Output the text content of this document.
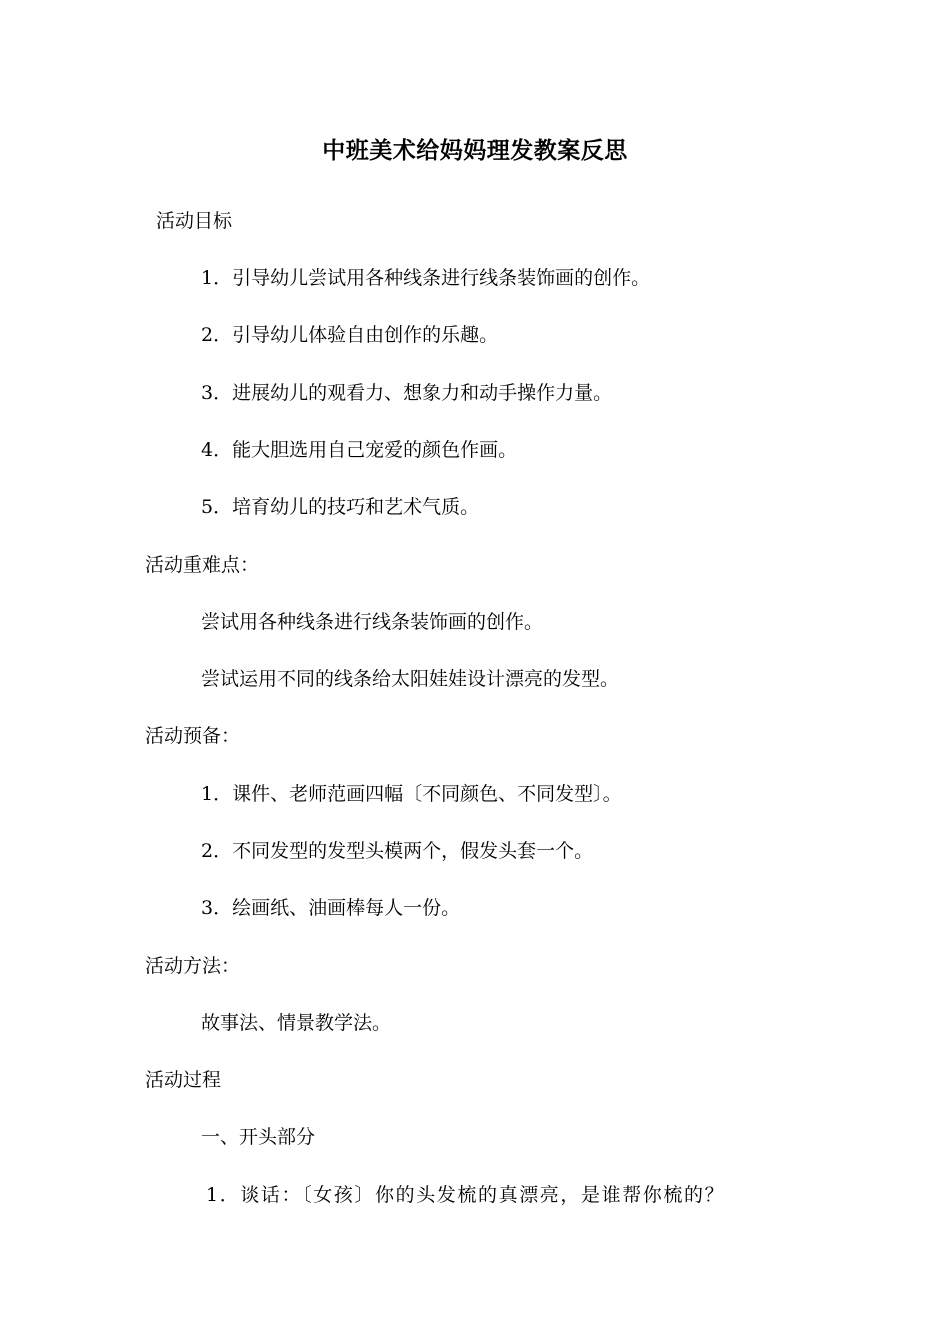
中班美术给妈妈理发教案反思
活动目标
1．引导幼儿尝试用各种线条进行线条装饰画的创作。
2．引导幼儿体验自由创作的乐趣。
3．进展幼儿的观看力、想象力和动手操作力量。
4．能大胆选用自己宠爱的颜色作画。
5．培育幼儿的技巧和艺术气质。
活动重难点：
尝试用各种线条进行线条装饰画的创作。
尝试运用不同的线条给太阳娃娃设计漂亮的发型。
活动预备：
1．课件、老师范画四幅〔不同颜色、不同发型〕。
2．不同发型的发型头模两个，假发头套一个。
3．绘画纸、油画棒每人一份。
活动方法：
故事法、情景教学法。
活动过程
一、开头部分
1．谈话：〔女孩〕你的头发梳的真漂亮，是谁帮你梳的？
